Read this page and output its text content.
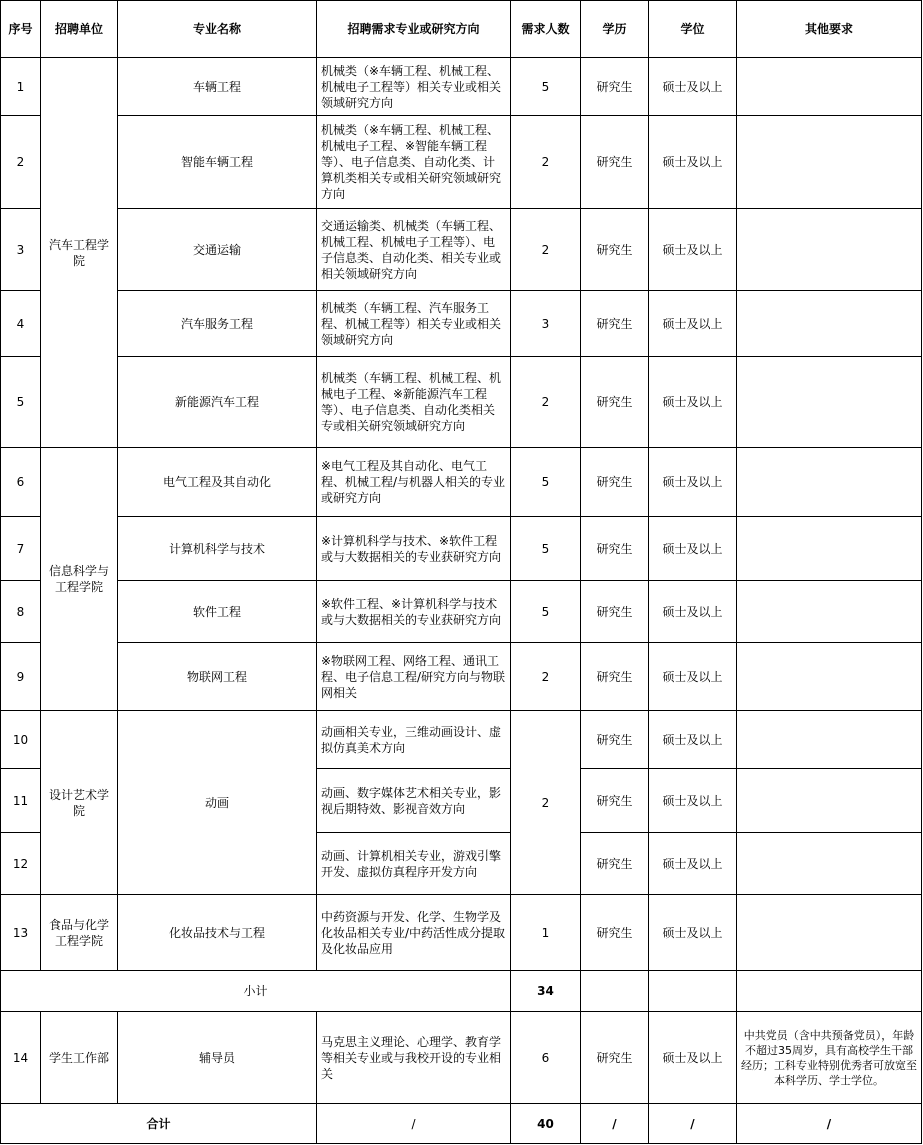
序号	招聘单位	专业名称	招聘需求专业或研究方向	需求人数	学历	学位	其他要求
1	汽车工程学院	车辆工程	机械类（※车辆工程、机械工程、机械电子工程等）相关专业或相关领域研究方向	5	研究生	硕士及以上	
2		智能车辆工程	机械类（※车辆工程、机械工程、机械电子工程、※智能车辆工程等）、电子信息类、自动化类、计算机类相关专或相关研究领域研究方向	2	研究生	硕士及以上	
3		交通运输	交通运输类、机械类（车辆工程、机械工程、机械电子工程等）、电子信息类、自动化类、相关专业或相关领域研究方向	2	研究生	硕士及以上	
4		汽车服务工程	机械类（车辆工程、汽车服务工程、机械工程等）相关专业或相关领域研究方向	3	研究生	硕士及以上	
5		新能源汽车工程	机械类（车辆工程、机械工程、机械电子工程、※新能源汽车工程等）、电子信息类、自动化类相关专或相关研究领域研究方向	2	研究生	硕士及以上	
6	信息科学与工程学院	电气工程及其自动化	※电气工程及其自动化、电气工程、机械工程/与机器人相关的专业或研究方向	5	研究生	硕士及以上	
7		计算机科学与技术	※计算机科学与技术、※软件工程或与大数据相关的专业获研究方向	5	研究生	硕士及以上	
8		软件工程	※软件工程、※计算机科学与技术或与大数据相关的专业获研究方向	5	研究生	硕士及以上	
9		物联网工程	※物联网工程、网络工程、通讯工程、电子信息工程/研究方向与物联网相关	2	研究生	硕士及以上	
10	设计艺术学院	动画	动画相关专业，三维动画设计、虚拟仿真美术方向	2	研究生	硕士及以上	
11			动画、数字媒体艺术相关专业，影视后期特效、影视音效方向		研究生	硕士及以上	
12			动画、计算机相关专业，游戏引擎开发、虚拟仿真程序开发方向		研究生	硕士及以上	
13	食品与化学工程学院	化妆品技术与工程	中药资源与开发、化学、生物学及化妆品相关专业/中药活性成分提取及化妆品应用	1	研究生	硕士及以上	
小计				34			
14	学生工作部	辅导员	马克思主义理论、心理学、教育学等相关专业或与我校开设的专业相关	6	研究生	硕士及以上	中共党员（含中共预备党员），年龄不超过35周岁，具有高校学生干部经历；工科专业特别优秀者可放宽至本科学历、学士学位。
合计			/	40	/	/	/
